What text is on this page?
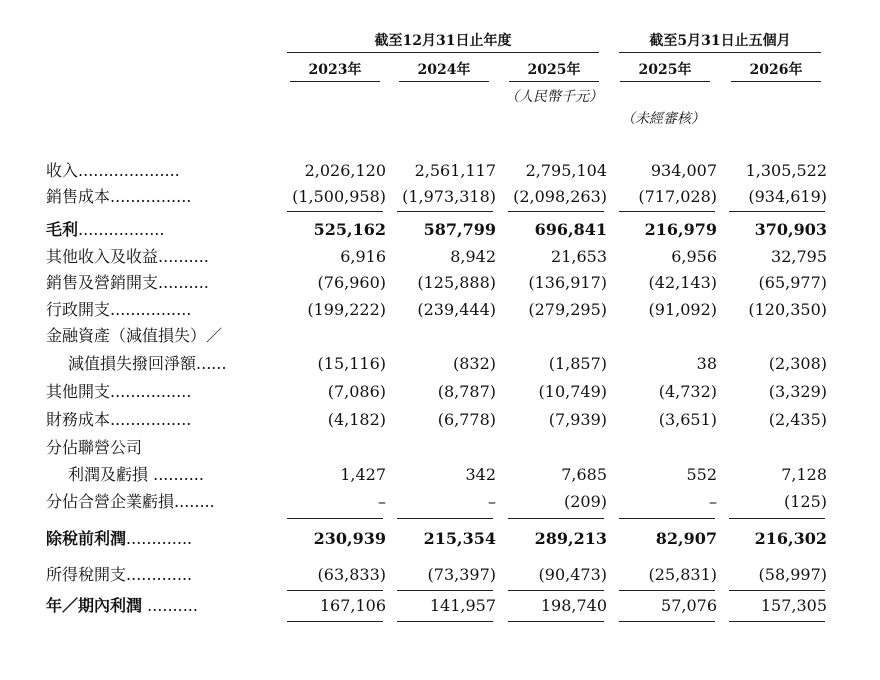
截至12月31日止年度	截至5月31日止五個月
2023年	2024年	2025年	2025年	2026年
（人民幣千元）
（未經審核）
收入....................	2,026,120	2,561,117	2,795,104	934,007	1,305,522
銷售成本................	(1,500,958)	(1,973,318)	(2,098,263)	(717,028)	(934,619)
毛利.................	525,162	587,799	696,841	216,979	370,903
其他收入及收益..........	6,916	8,942	21,653	6,956	32,795
銷售及營銷開支..........	(76,960)	(125,888)	(136,917)	(42,143)	(65,977)
行政開支................	(199,222)	(239,444)	(279,295)	(91,092)	(120,350)
金融資產（減值損失）／
減值損失撥回淨額......	(15,116)	(832)	(1,857)	38	(2,308)
其他開支................	(7,086)	(8,787)	(10,749)	(4,732)	(3,329)
財務成本................	(4,182)	(6,778)	(7,939)	(3,651)	(2,435)
分佔聯營公司
利潤及虧損 ..........	1,427	342	7,685	552	7,128
分佔合營企業虧損........	–	–	(209)	–	(125)
除稅前利潤.............	230,939	215,354	289,213	82,907	216,302
所得稅開支.............	(63,833)	(73,397)	(90,473)	(25,831)	(58,997)
年／期內利潤 ..........	167,106	141,957	198,740	57,076	157,305
